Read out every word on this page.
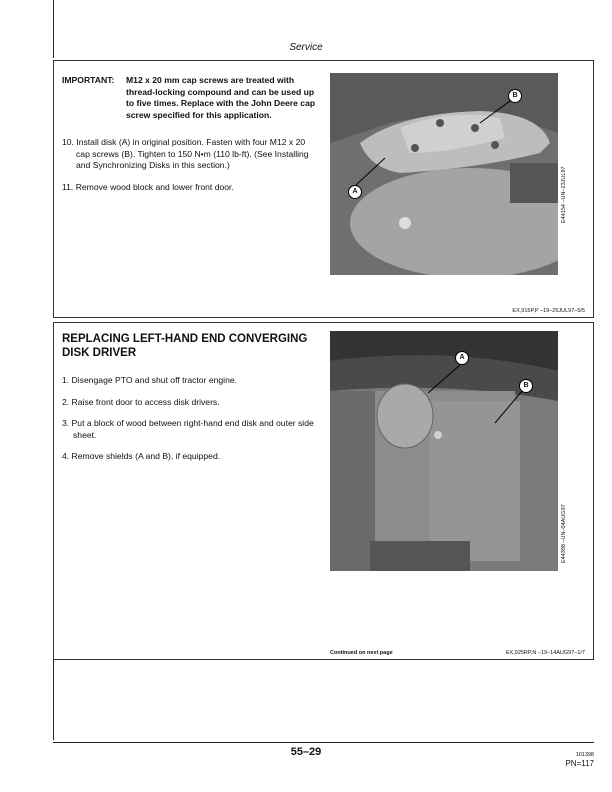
Service
IMPORTANT: M12 x 20 mm cap screws are treated with thread-locking compound and can be used up to five times. Replace with the John Deere cap screw specified for this application.

10. Install disk (A) in original position. Fasten with four M12 x 20 cap screws (B). Tighten to 150 N•m (110 lb-ft). (See Installing and Synchronizing Disks in this section.)

11. Remove wood block and lower front door.	A
B
E44154 –UN–23JUL97
EX,915P,P –19–25JUL97–5/5
REPLACING LEFT-HAND END CONVERGING DISK DRIVER

1. Disengage PTO and shut off tractor engine.

2. Raise front door to access disk drivers.

3. Put a block of wood between right-hand end disk and outer side sheet.

4. Remove shields (A and B), if equipped.

A
B
E44398 –UN–04AUG97
Continued on next page	EX,925RP,N –19–14AUG97–1/7
55–29	101398
PN=117
